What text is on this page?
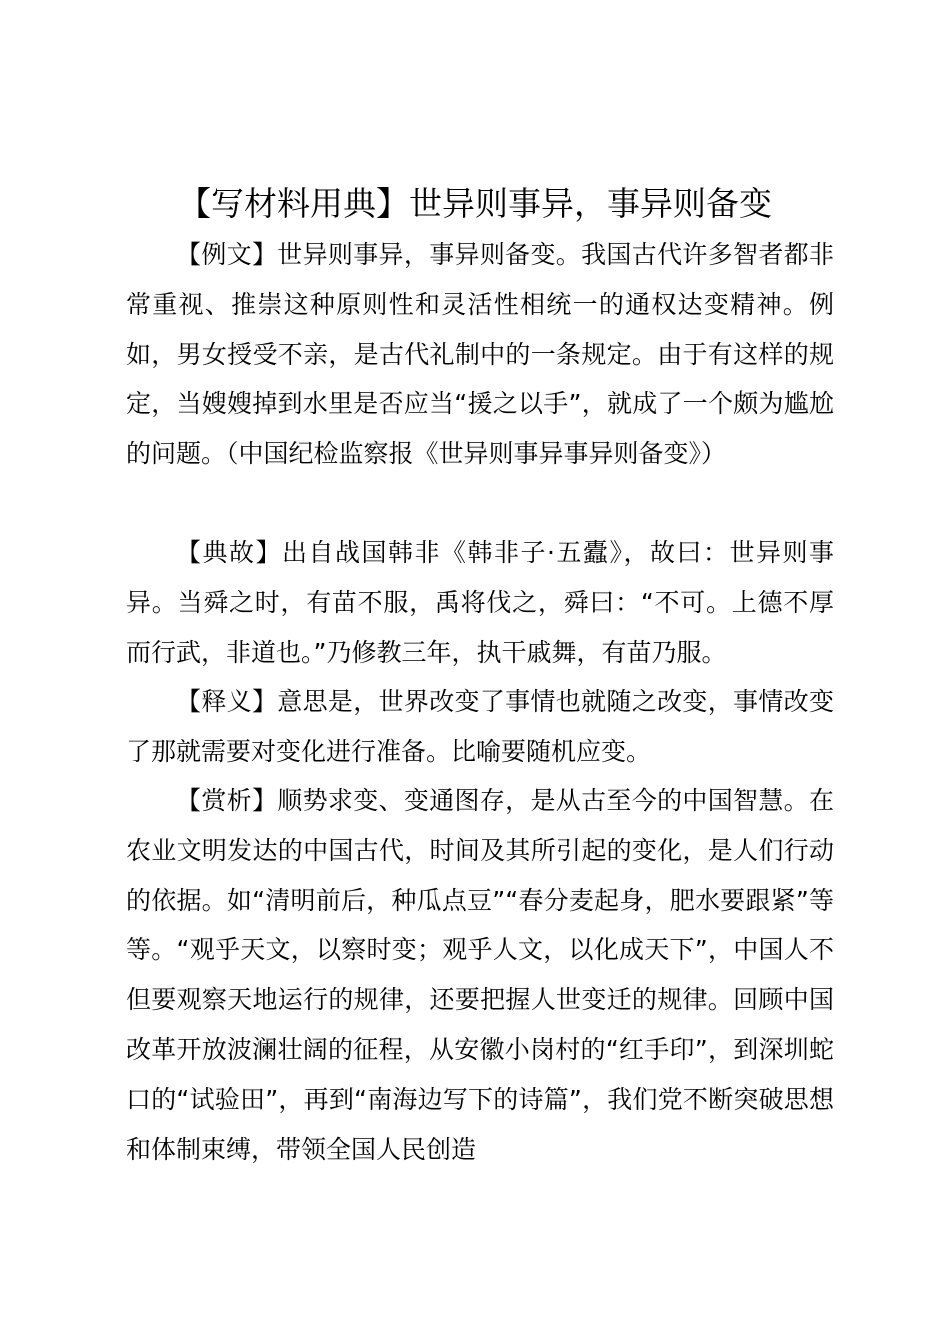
【写材料用典】世异则事异，事异则备变

【例文】世异则事异，事异则备变。我国古代许多智者都非常重视、推崇这种原则性和灵活性相统一的通权达变精神。例如，男女授受不亲，是古代礼制中的一条规定。由于有这样的规定，当嫂嫂掉到水里是否应当“援之以手”，就成了一个颇为尴尬的问题。（中国纪检监察报《世异则事异事异则备变》）

【典故】出自战国韩非《韩非子·五蠹》，故曰：世异则事异。当舜之时，有苗不服，禹将伐之，舜曰：“不可。上德不厚而行武，非道也。”乃修教三年，执干戚舞，有苗乃服。

【释义】意思是，世界改变了事情也就随之改变，事情改变了那就需要对变化进行准备。比喻要随机应变。

【赏析】顺势求变、变通图存，是从古至今的中国智慧。在农业文明发达的中国古代，时间及其所引起的变化，是人们行动的依据。如“清明前后，种瓜点豆”“春分麦起身，肥水要跟紧”等等。“观乎天文，以察时变；观乎人文，以化成天下”，中国人不但要观察天地运行的规律，还要把握人世变迁的规律。回顾中国改革开放波澜壮阔的征程，从安徽小岗村的“红手印”，到深圳蛇口的“试验田”，再到“南海边写下的诗篇”，我们党不断突破思想和体制束缚，带领全国人民创造
